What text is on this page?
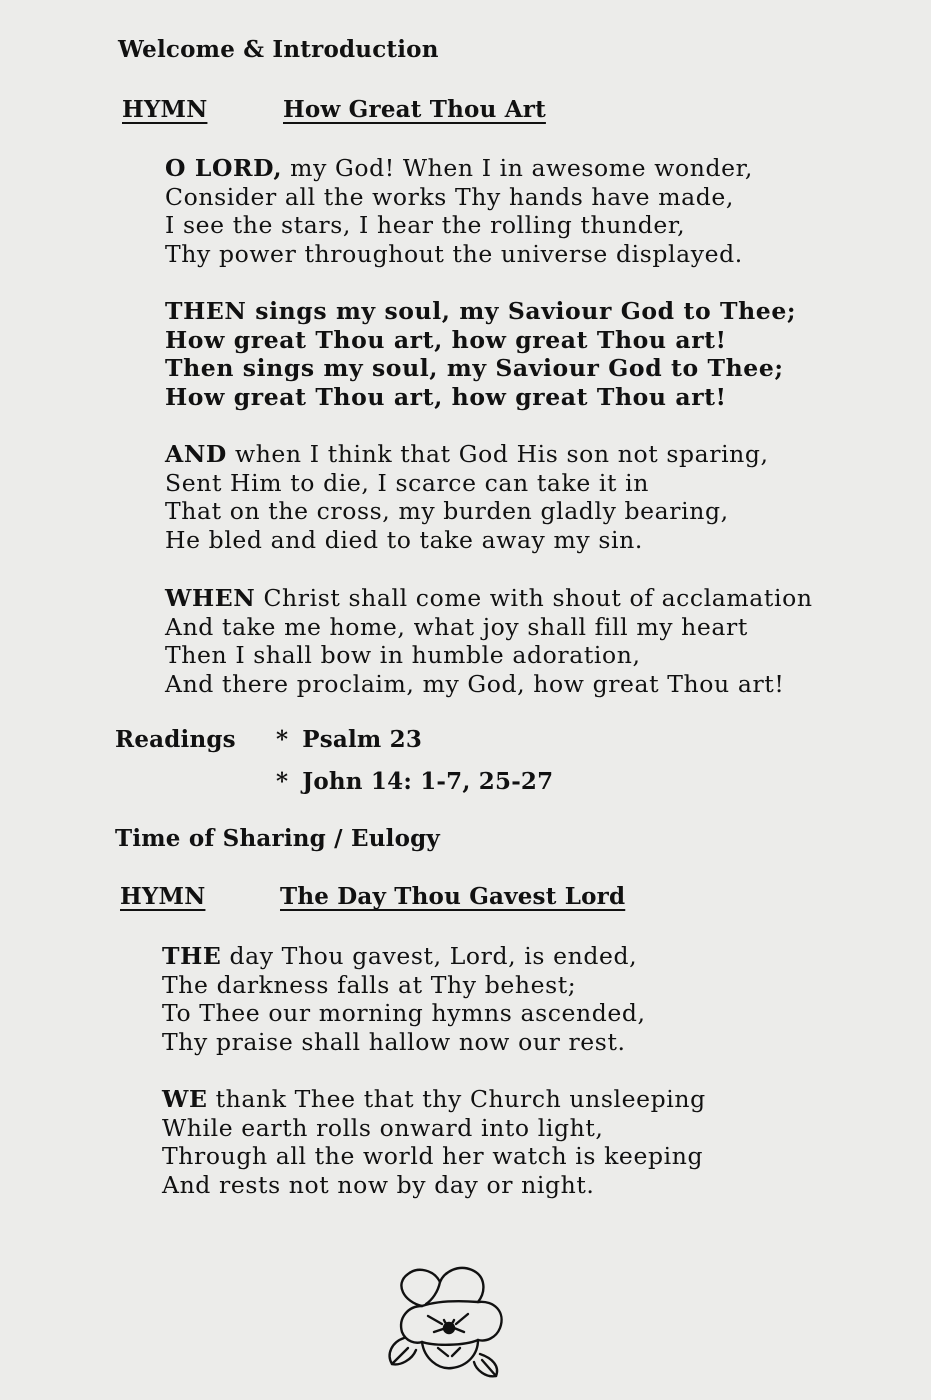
Welcome & Introduction
HYMN	How Great Thou Art
O LORD, my God! When I in awesome wonder,
Consider all the works Thy hands have made,
I see the stars, I hear the rolling thunder,
Thy power throughout the universe displayed.
THEN sings my soul, my Saviour God to Thee;
How great Thou art, how great Thou art!
Then sings my soul, my Saviour God to Thee;
How great Thou art, how great Thou art!
AND when I think that God His son not sparing,
Sent Him to die, I scarce can take it in
That on the cross, my burden gladly bearing,
He bled and died to take away my sin.
WHEN Christ shall come with shout of acclamation
And take me home, what joy shall fill my heart
Then I shall bow in humble adoration,
And there proclaim, my God, how great Thou art!
Readings * Psalm 23
* John 14: 1-7, 25-27
Time of Sharing / Eulogy
HYMN	The Day Thou Gavest Lord
THE day Thou gavest, Lord, is ended,
The darkness falls at Thy behest;
To Thee our morning hymns ascended,
Thy praise shall hallow now our rest.
WE thank Thee that thy Church unsleeping
While earth rolls onward into light,
Through all the world her watch is keeping
And rests not now by day or night.
